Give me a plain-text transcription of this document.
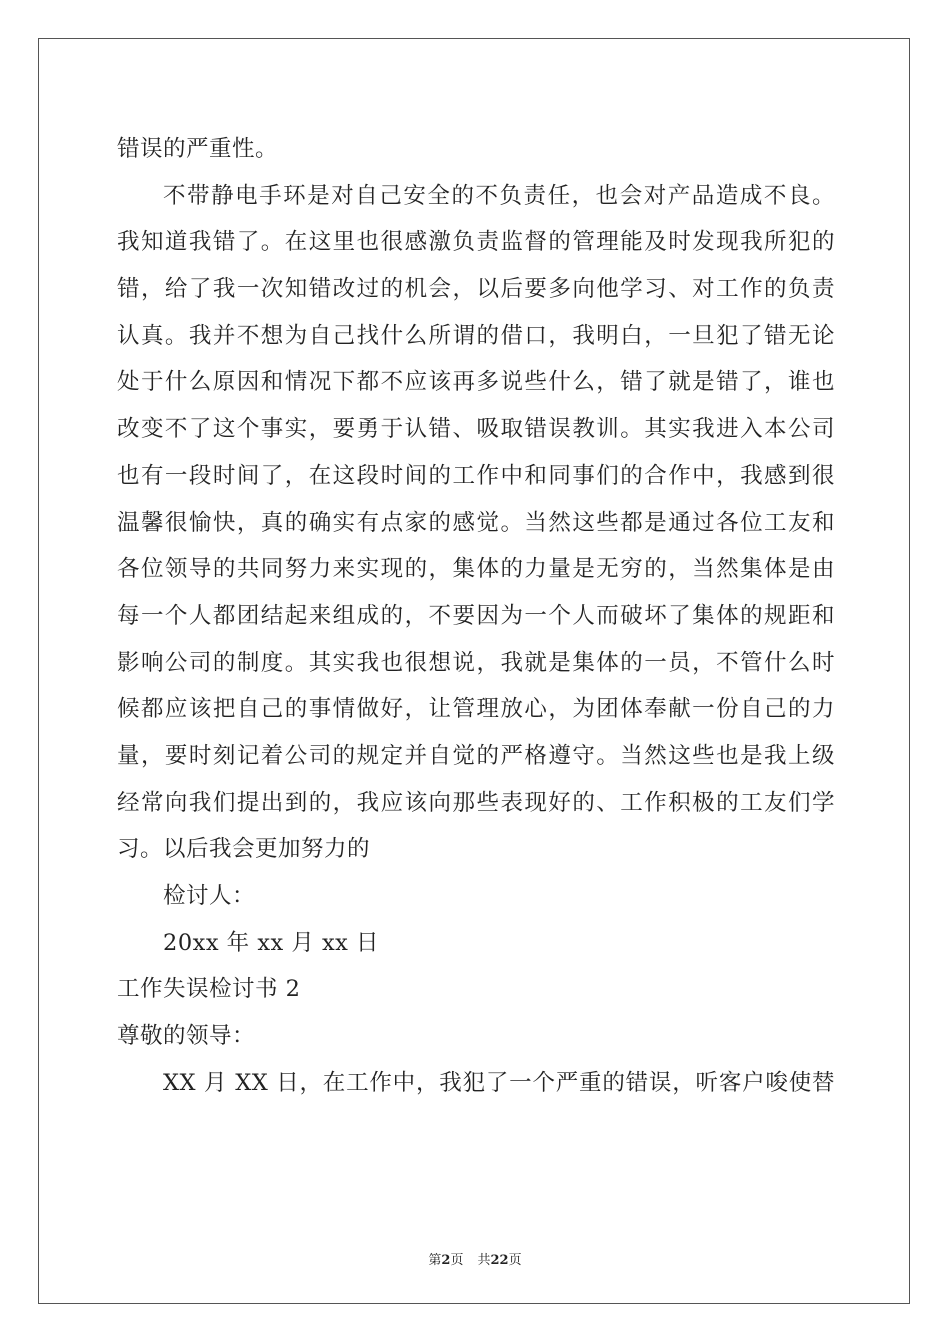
错误的严重性。
不带静电手环是对自己安全的不负责任，也会对产品造成不良。
我知道我错了。在这里也很感激负责监督的管理能及时发现我所犯的
错，给了我一次知错改过的机会，以后要多向他学习、对工作的负责
认真。我并不想为自己找什么所谓的借口，我明白，一旦犯了错无论
处于什么原因和情况下都不应该再多说些什么，错了就是错了，谁也
改变不了这个事实，要勇于认错、吸取错误教训。其实我进入本公司
也有一段时间了，在这段时间的工作中和同事们的合作中，我感到很
温馨很愉快，真的确实有点家的感觉。当然这些都是通过各位工友和
各位领导的共同努力来实现的，集体的力量是无穷的，当然集体是由
每一个人都团结起来组成的，不要因为一个人而破坏了集体的规距和
影响公司的制度。其实我也很想说，我就是集体的一员，不管什么时
候都应该把自己的事情做好，让管理放心，为团体奉献一份自己的力
量，要时刻记着公司的规定并自觉的严格遵守。当然这些也是我上级
经常向我们提出到的，我应该向那些表现好的、工作积极的工友们学
习。以后我会更加努力的
检讨人：
20xx 年 xx 月 xx 日
工作失误检讨书 2
尊敬的领导：
XX 月 XX 日，在工作中，我犯了一个严重的错误，听客户唆使替
第2页 共22页
